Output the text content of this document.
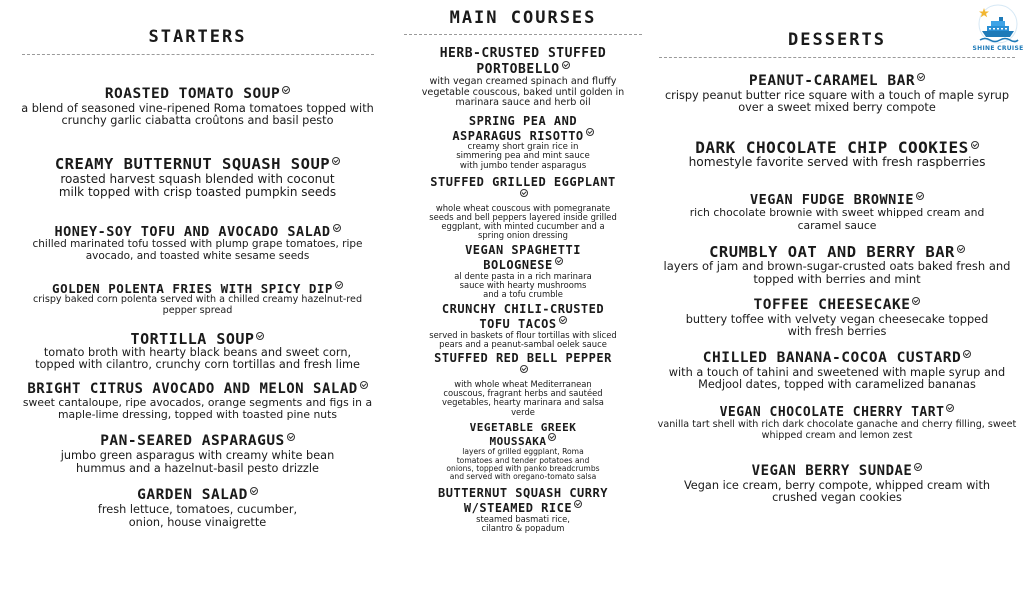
STARTERS
ROASTED TOMATO SOUP
a blend of seasoned vine-ripened Roma tomatoes topped with crunchy garlic ciabatta croûtons and basil pesto
CREAMY BUTTERNUT SQUASH SOUP
roasted harvest squash blended with coconut milk topped with crisp toasted pumpkin seeds
HONEY-SOY TOFU AND AVOCADO SALAD
chilled marinated tofu tossed with plump grape tomatoes, ripe avocado, and toasted white sesame seeds
GOLDEN POLENTA FRIES WITH SPICY DIP
crispy baked corn polenta served with a chilled creamy hazelnut-red pepper spread
TORTILLA SOUP
tomato broth with hearty black beans and sweet corn, topped with cilantro, crunchy corn tortillas and fresh lime
BRIGHT CITRUS AVOCADO AND MELON SALAD
sweet cantaloupe, ripe avocados, orange segments and figs in a maple-lime dressing, topped with toasted pine nuts
PAN-SEARED ASPARAGUS
jumbo green asparagus with creamy white bean hummus and a hazelnut-basil pesto drizzle
GARDEN SALAD
fresh lettuce, tomatoes, cucumber, onion, house vinaigrette
MAIN COURSES
HERB-CRUSTED STUFFED PORTOBELLO
with vegan creamed spinach and fluffy vegetable couscous, baked until golden in marinara sauce and herb oil
SPRING PEA AND ASPARAGUS RISOTTO
creamy short grain rice in simmering pea and mint sauce with jumbo tender asparagus
STUFFED GRILLED EGGPLANT
whole wheat couscous with pomegranate seeds and bell peppers layered inside grilled eggplant, with minted cucumber and a spring onion dressing
VEGAN SPAGHETTI BOLOGNESE
al dente pasta in a rich marinara sauce with hearty mushrooms and a tofu crumble
CRUNCHY CHILI-CRUSTED TOFU TACOS
served in baskets of flour tortillas with sliced pears and a peanut-sambal oelek sauce
STUFFED RED BELL PEPPER
with whole wheat Mediterranean couscous, fragrant herbs and sautéed vegetables, hearty marinara and salsa verde
VEGETABLE GREEK MOUSSAKA
layers of grilled eggplant, Roma tomatoes and tender potatoes and onions, topped with panko breadcrumbs and served with oregano-tomato salsa
BUTTERNUT SQUASH CURRY W/STEAMED RICE
steamed basmati rice, cilantro & popadum
DESSERTS
PEANUT-CARAMEL BAR
crispy peanut butter rice square with a touch of maple syrup over a sweet mixed berry compote
DARK CHOCOLATE CHIP COOKIES
homestyle favorite served with fresh raspberries
VEGAN FUDGE BROWNIE
rich chocolate brownie with sweet whipped cream and caramel sauce
CRUMBLY OAT AND BERRY BAR
layers of jam and brown-sugar-crusted oats baked fresh and topped with berries and mint
TOFFEE CHEESECAKE
buttery toffee with velvety vegan cheesecake topped with fresh berries
CHILLED BANANA-COCOA CUSTARD
with a touch of tahini and sweetened with maple syrup and Medjool dates, topped with caramelized bananas
VEGAN CHOCOLATE CHERRY TART
vanilla tart shell with rich dark chocolate ganache and cherry filling, sweet whipped cream and lemon zest
VEGAN BERRY SUNDAE
Vegan ice cream, berry compote, whipped cream with crushed vegan cookies
SHINE CRUISE
